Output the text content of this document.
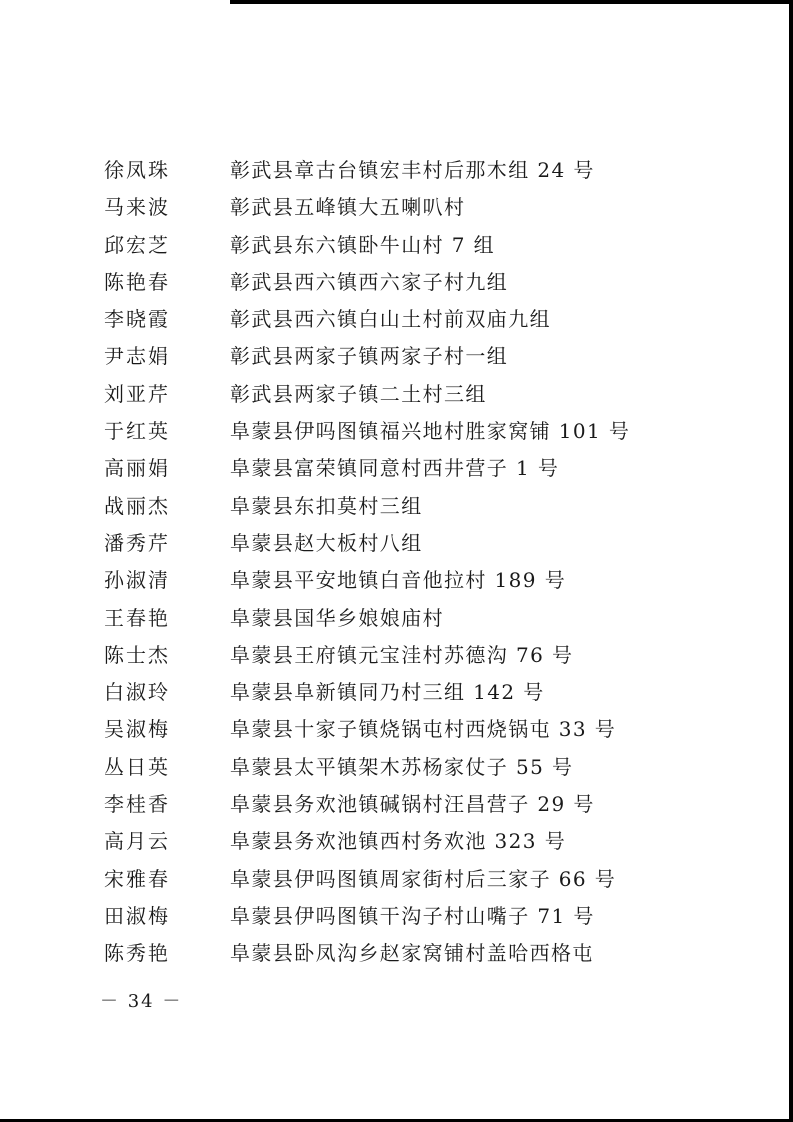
徐凤珠	彰武县章古台镇宏丰村后那木组 24 号
马来波	彰武县五峰镇大五喇叭村
邱宏芝	彰武县东六镇卧牛山村 7 组
陈艳春	彰武县西六镇西六家子村九组
李晓霞	彰武县西六镇白山土村前双庙九组
尹志娟	彰武县两家子镇两家子村一组
刘亚芹	彰武县两家子镇二土村三组
于红英	阜蒙县伊吗图镇福兴地村胜家窝铺 101 号
高丽娟	阜蒙县富荣镇同意村西井营子 1 号
战丽杰	阜蒙县东扣莫村三组
潘秀芹	阜蒙县赵大板村八组
孙淑清	阜蒙县平安地镇白音他拉村 189 号
王春艳	阜蒙县国华乡娘娘庙村
陈士杰	阜蒙县王府镇元宝洼村苏德沟 76 号
白淑玲	阜蒙县阜新镇同乃村三组 142 号
吴淑梅	阜蒙县十家子镇烧锅屯村西烧锅屯 33 号
丛日英	阜蒙县太平镇架木苏杨家仗子 55 号
李桂香	阜蒙县务欢池镇碱锅村汪昌营子 29 号
高月云	阜蒙县务欢池镇西村务欢池 323 号
宋雅春	阜蒙县伊吗图镇周家街村后三家子 66 号
田淑梅	阜蒙县伊吗图镇干沟子村山嘴子 71 号
陈秀艳	阜蒙县卧凤沟乡赵家窝铺村盖哈西格屯
－ 34 －
